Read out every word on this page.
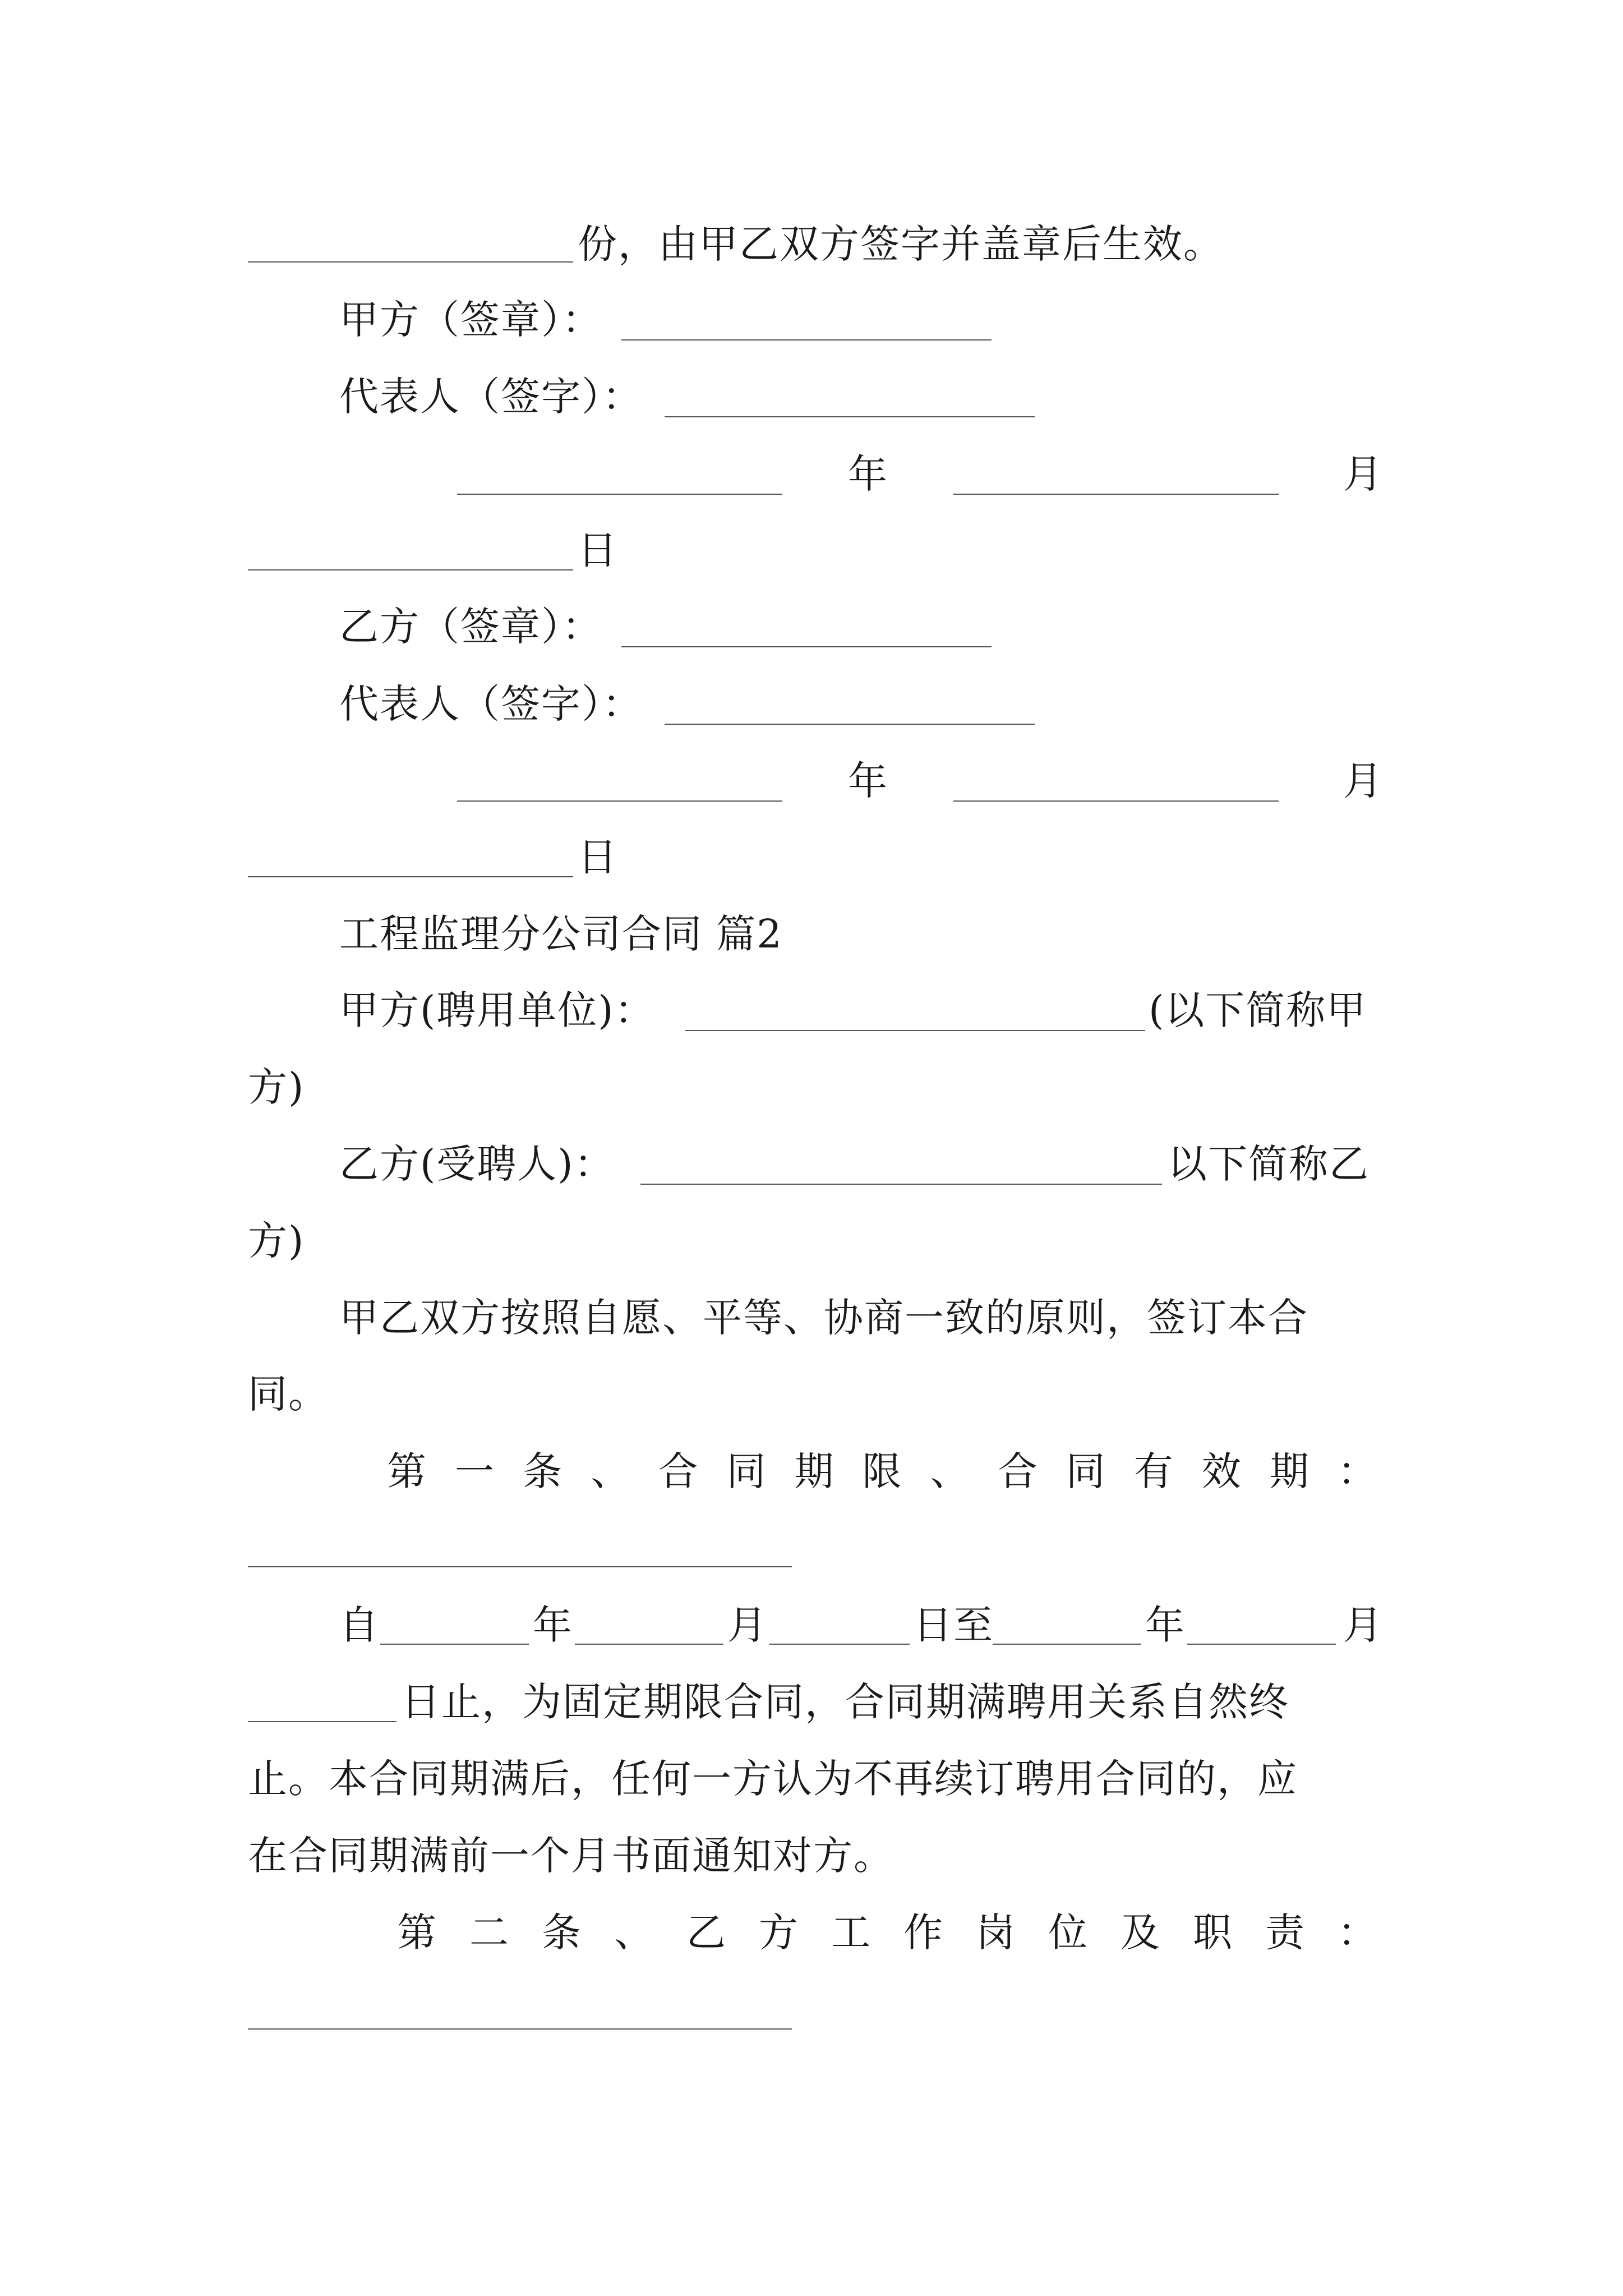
份，由甲乙双方签字并盖章后生效。
甲方（签章）：
代表人（签字）：
年	月
日
乙方（签章）：
代表人（签字）：
年	月
日
工程监理分公司合同 篇2
甲方(聘用单位)：	(以下简称甲
方)
乙方(受聘人)：	以下简称乙
方)
甲乙双方按照自愿、平等、协商一致的原则，签订本合
同。
第 一 条 、 合 同 期 限 、 合 同 有 效 期 ：
自	年	月	日至	年	月
日止，为固定期限合同，合同期满聘用关系自然终
止。本合同期满后，任何一方认为不再续订聘用合同的，应
在合同期满前一个月书面通知对方。
第 二 条 、 乙 方 工 作 岗 位 及 职 责 ：
